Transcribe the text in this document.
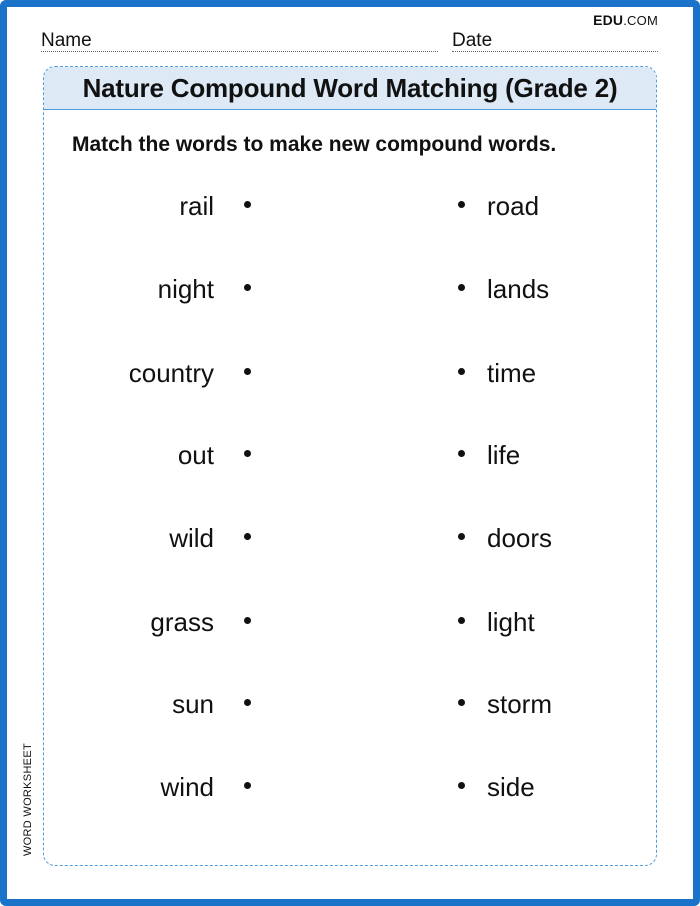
EDU.COM
Name	Date
Nature Compound Word Matching (Grade 2)
Match the words to make new compound words.
rail	road
night	lands
country	time
out	life
wild	doors
grass	light
sun	storm
wind	side
WORD WORKSHEET
